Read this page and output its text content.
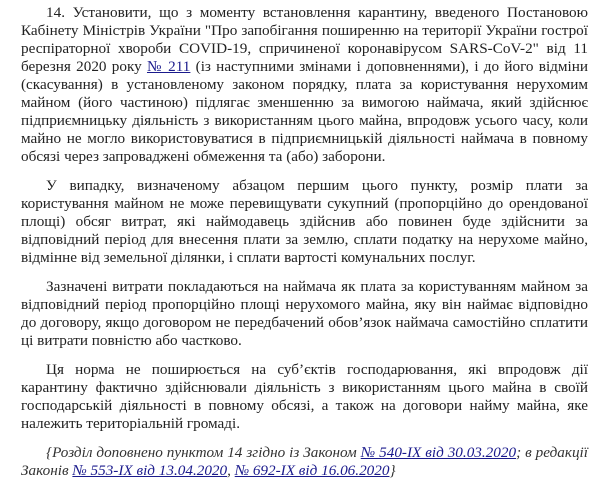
14. Установити, що з моменту встановлення карантину, введеного Постановою Кабінету Міністрів України "Про запобігання поширенню на території України гострої респіраторної хвороби COVID-19, спричиненої коронавірусом SARS-CoV-2" від 11 березня 2020 року № 211 (із наступними змінами і доповненнями), і до його відміни (скасування) в установленому законом порядку, плата за користування нерухомим майном (його частиною) підлягає зменшенню за вимогою наймача, який здійснює підприємницьку діяльність з використанням цього майна, впродовж усього часу, коли майно не могло використовуватися в підприємницькій діяльності наймача в повному обсязі через запроваджені обмеження та (або) заборони.

У випадку, визначеному абзацом першим цього пункту, розмір плати за користування майном не може перевищувати сукупний (пропорційно до орендованої площі) обсяг витрат, які наймодавець здійснив або повинен буде здійснити за відповідний період для внесення плати за землю, сплати податку на нерухоме майно, відмінне від земельної ділянки, і сплати вартості комунальних послуг.

Зазначені витрати покладаються на наймача як плата за користуванням майном за відповідний період пропорційно площі нерухомого майна, яку він наймає відповідно до договору, якщо договором не передбачений обов’язок наймача самостійно сплатити ці витрати повністю або частково.

Ця норма не поширюється на суб’єктів господарювання, які впродовж дії карантину фактично здійснювали діяльність з використанням цього майна в своїй господарській діяльності в повному обсязі, а також на договори найму майна, яке належить територіальній громаді.

{Розділ доповнено пунктом 14 згідно із Законом № 540-IX від 30.03.2020; в редакції Законів № 553-IX від 13.04.2020, № 692-IX від 16.06.2020}
